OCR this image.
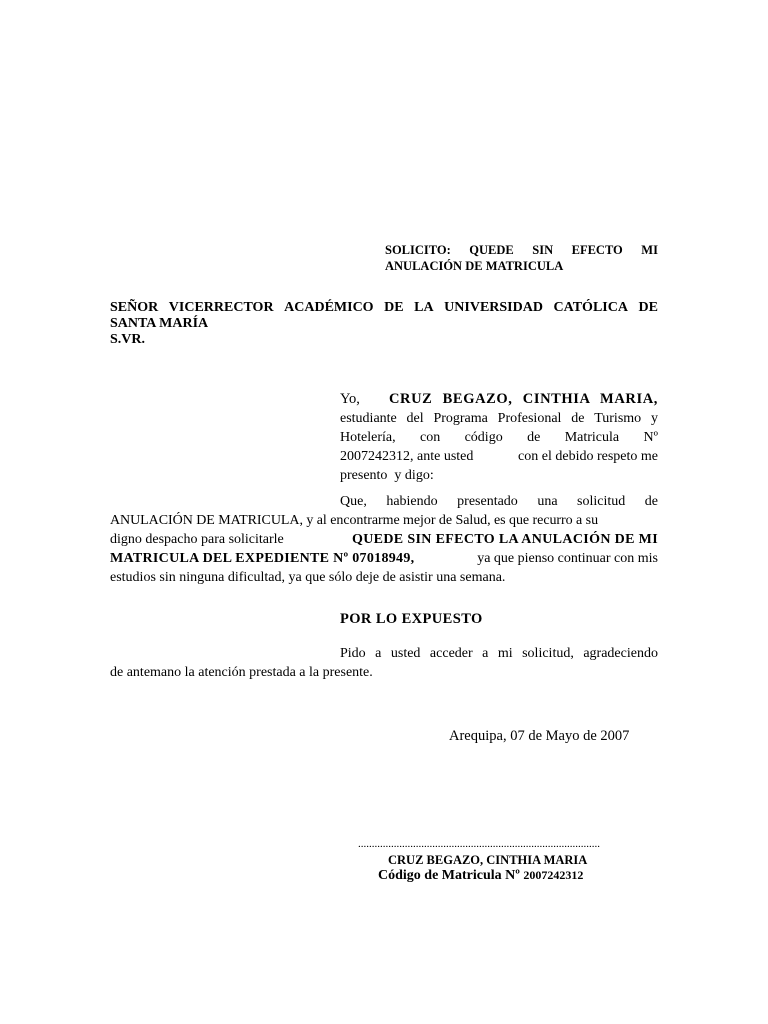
SOLICITO: QUEDE SIN EFECTO MI
ANULACIÓN DE MATRICULA
SEÑOR VICERRECTOR ACADÉMICO DE LA UNIVERSIDAD CATÓLICA DE
SANTA MARÍA
S.VR.
Yo, CRUZ BEGAZO, CINTHIA MARIA,
estudiante del Programa Profesional de Turismo y
Hotelería, con código de Matricula Nº
2007242312, ante usted	con el debido respeto me
presento  y digo:
Que, habiendo presentado una solicitud de
ANULACIÓN DE MATRICULA, y al encontrarme mejor de Salud, es que recurro a su
digno despacho para solicitarle	QUEDE SIN EFECTO LA ANULACIÓN DE MI
MATRICULA DEL EXPEDIENTE Nº 07018949,	ya que pienso continuar con mis
estudios sin ninguna dificultad, ya que sólo deje de asistir una semana.
POR LO EXPUESTO
Pido a usted acceder a mi solicitud, agradeciendo
de antemano la atención prestada a la presente.
Arequipa, 07 de Mayo de 2007
........................................................................................
CRUZ BEGAZO, CINTHIA MARIA
Código de Matricula Nº 2007242312
